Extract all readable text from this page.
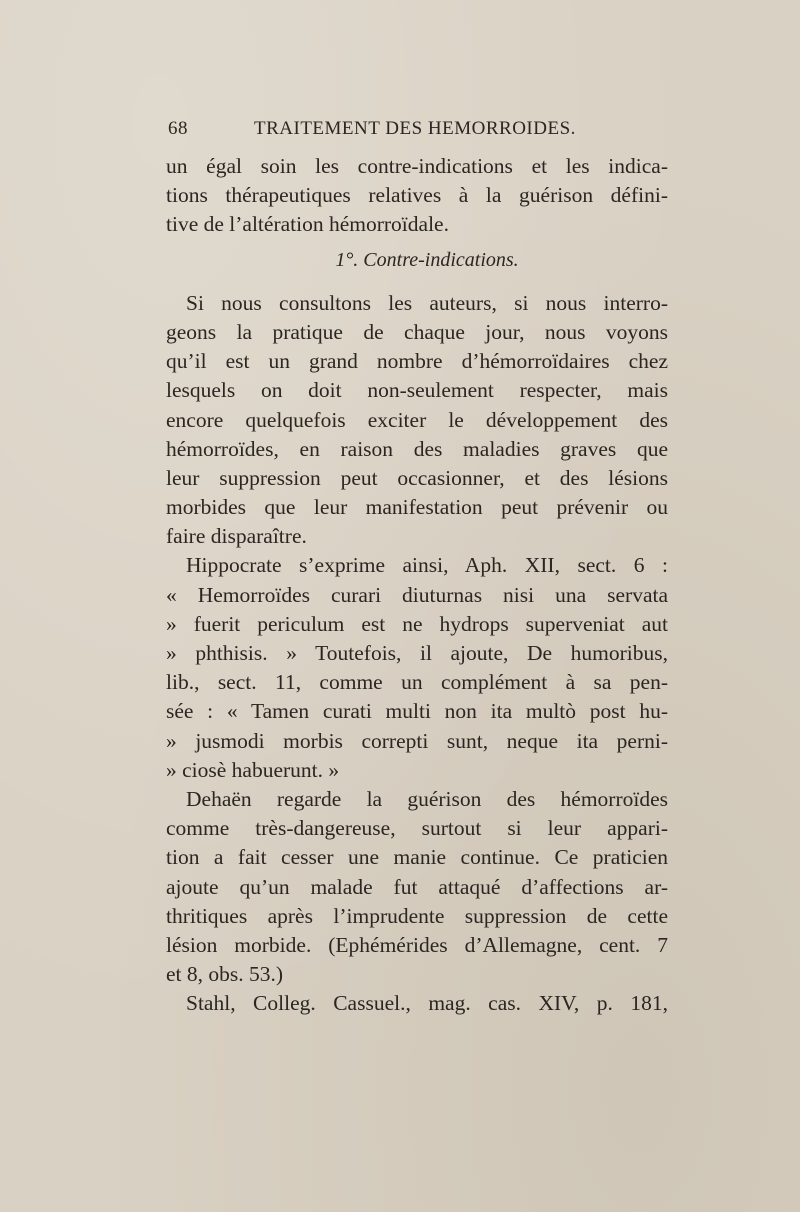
68	TRAITEMENT DES HEMORROIDES.
un égal soin les contre-indications et les indica-
tions thérapeutiques relatives à la guérison défini-
tive de l’altération hémorroïdale.
1°. Contre-indications.
Si nous consultons les auteurs, si nous interro-
geons la pratique de chaque jour, nous voyons
qu’il est un grand nombre d’hémorroïdaires chez
lesquels on doit non-seulement respecter, mais
encore quelquefois exciter le développement des
hémorroïdes, en raison des maladies graves que
leur suppression peut occasionner, et des lésions
morbides que leur manifestation peut prévenir ou
faire disparaître.
Hippocrate s’exprime ainsi, Aph. XII, sect. 6 :
« Hemorroïdes curari diuturnas nisi una servata
» fuerit periculum est ne hydrops superveniat aut
» phthisis. » Toutefois, il ajoute, De humoribus,
lib., sect. 11, comme un complément à sa pen-
sée : « Tamen curati multi non ita multò post hu-
» jusmodi morbis correpti sunt, neque ita perni-
» ciosè habuerunt. »
Dehaën regarde la guérison des hémorroïdes
comme très-dangereuse, surtout si leur appari-
tion a fait cesser une manie continue. Ce praticien
ajoute qu’un malade fut attaqué d’affections ar-
thritiques après l’imprudente suppression de cette
lésion morbide. (Ephémérides d’Allemagne, cent. 7
et 8, obs. 53.)
Stahl, Colleg. Cassuel., mag. cas. XIV, p. 181,
